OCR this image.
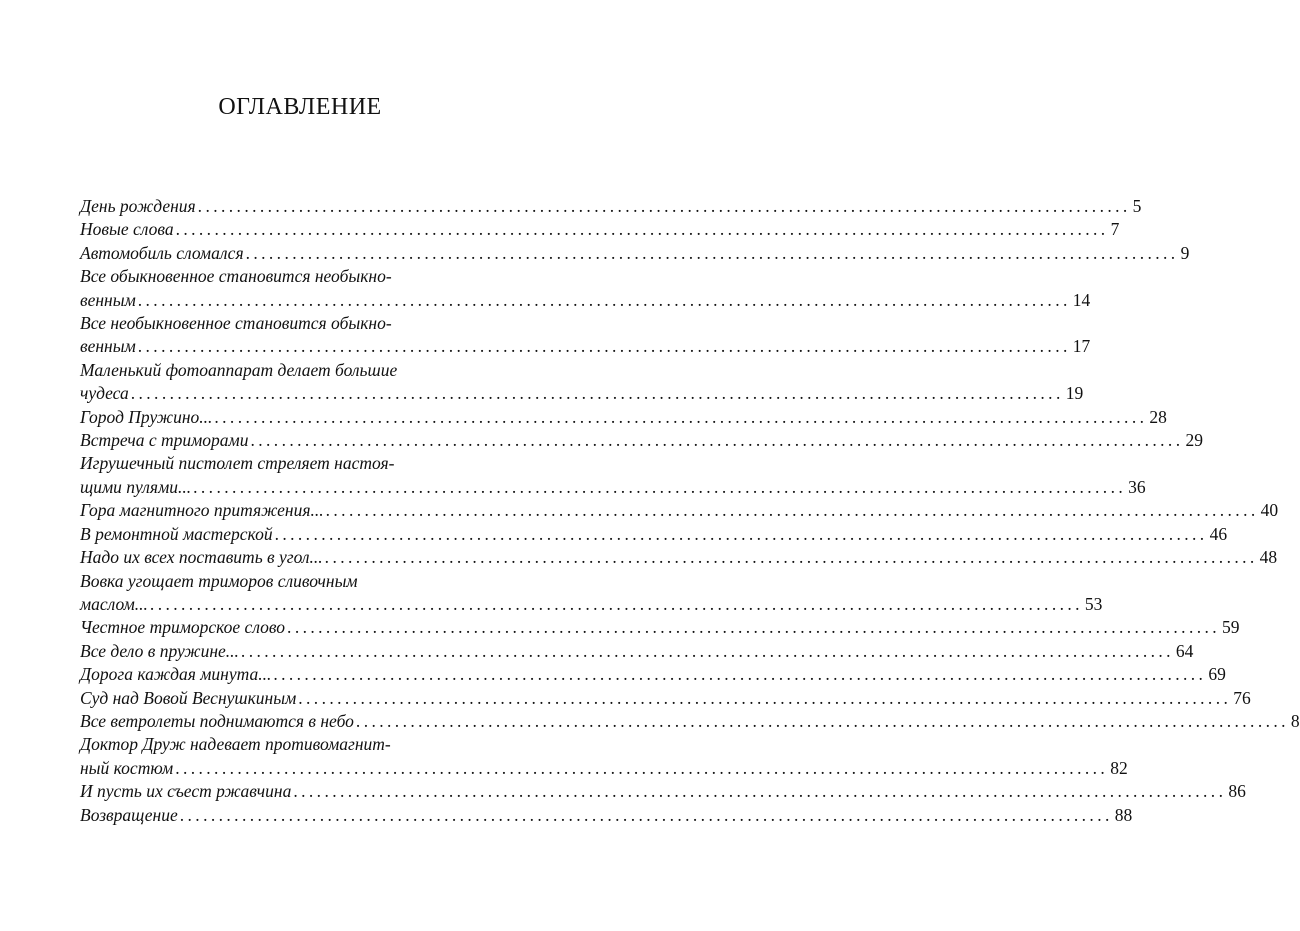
ОГЛАВЛЕНИЕ
День рождения ........................................................................................................................ 5
Новые слова ........................................................................................................................ 7
Автомобиль сломался ........................................................................................................................ 9
Все обыкновенное становится необыкно-
венным ........................................................................................................................ 14
Все необыкновенное становится обыкно-
венным ........................................................................................................................ 17
Маленький фотоаппарат делает большие
чудеса ........................................................................................................................ 19
Город Пружино... ........................................................................................................................ 28
Встреча с триморами ........................................................................................................................ 29
Игрушечный пистолет стреляет настоя-
щими пулями... ........................................................................................................................ 36
Гора магнитного притяжения... ........................................................................................................................ 40
В ремонтной мастерской ........................................................................................................................ 46
Надо их всех поставить в угол... ........................................................................................................................ 48
Вовка угощает триморов сливочным
маслом... ........................................................................................................................ 53
Честное триморское слово ........................................................................................................................ 59
Все дело в пружине... ........................................................................................................................ 64
Дорога каждая минута... ........................................................................................................................ 69
Суд над Вовой Веснушкиным ........................................................................................................................ 76
Все ветролеты поднимаются в небо ........................................................................................................................ 8
Доктор Друж надевает противомагнит-
ный костюм ........................................................................................................................ 82
И пусть их съест ржавчина ........................................................................................................................ 86
Возвращение ........................................................................................................................ 88
